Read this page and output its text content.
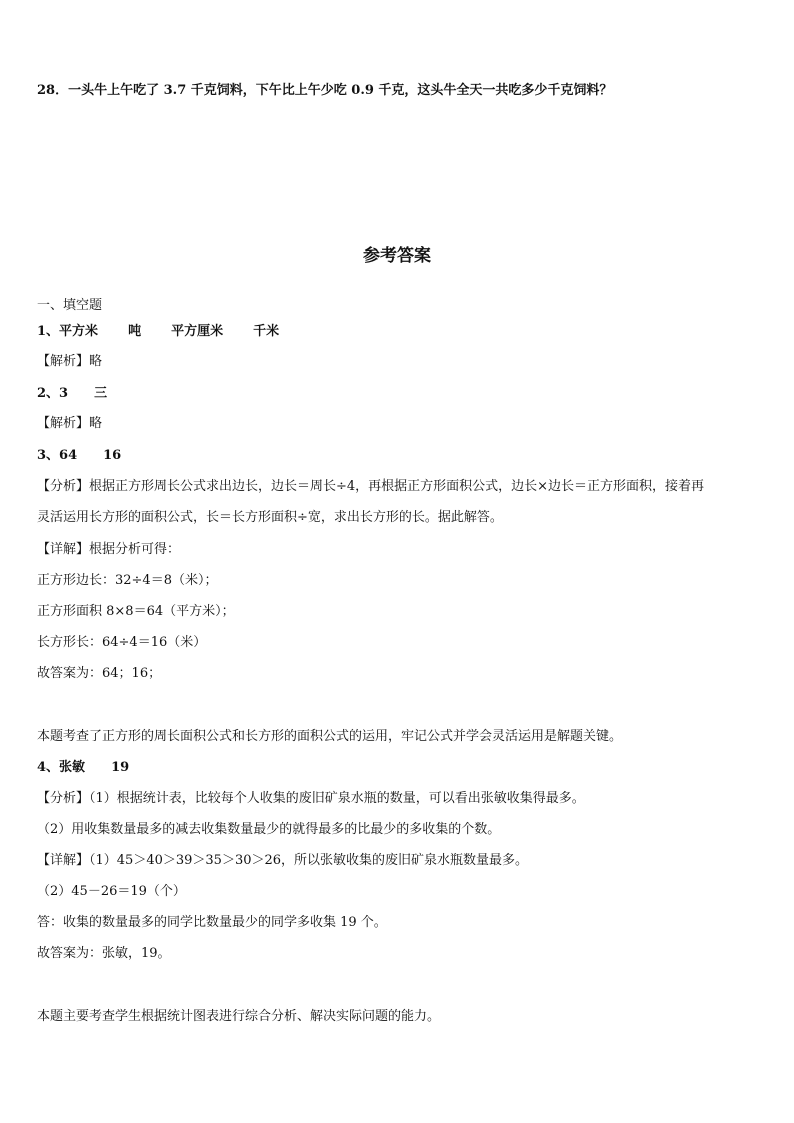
28．一头牛上午吃了 3.7 千克饲料，下午比上午少吃 0.9 千克，这头牛全天一共吃多少千克饲料？
参考答案
一、填空题
1、平方米 吨 平方厘米 千米
【解析】略
2、3 三
【解析】略
3、64 16
【分析】根据正方形周长公式求出边长，边长＝周长÷4，再根据正方形面积公式，边长×边长＝正方形面积，接着再
灵活运用长方形的面积公式，长＝长方形面积÷宽，求出长方形的长。据此解答。
【详解】根据分析可得：
正方形边长：32÷4＝8（米）；
正方形面积 8×8＝64（平方米）；
长方形长：64÷4＝16（米）
故答案为：64；16；
本题考查了正方形的周长面积公式和长方形的面积公式的运用，牢记公式并学会灵活运用是解题关键。
4、张敏 19
【分析】（1）根据统计表，比较每个人收集的废旧矿泉水瓶的数量，可以看出张敏收集得最多。
（2）用收集数量最多的减去收集数量最少的就得最多的比最少的多收集的个数。
【详解】（1）45＞40＞39＞35＞30＞26，所以张敏收集的废旧矿泉水瓶数量最多。
（2）45－26＝19（个）
答：收集的数量最多的同学比数量最少的同学多收集 19 个。
故答案为：张敏，19。
本题主要考查学生根据统计图表进行综合分析、解决实际问题的能力。
